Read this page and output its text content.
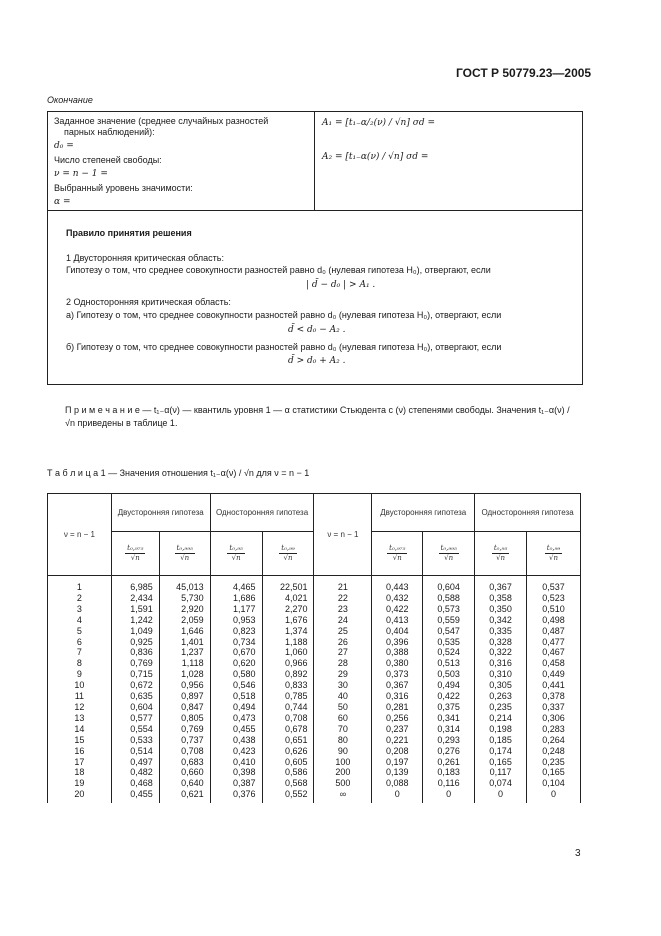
ГОСТ Р 50779.23—2005
Окончание
Заданное значение (среднее случайных разностей
парных наблюдений):
d₀ =
Число степеней свободы:
ν = n − 1 =
Выбранный уровень значимости:
α =
A₁ = [t₁₋α/₂(ν) / √n] σd =
A₂ = [t₁₋α(ν) / √n] σd =
Правило принятия решения
1 Двусторонняя критическая область:
Гипотезу о том, что среднее совокупности разностей равно d₀ (нулевая гипотеза H₀), отвергают, если
| d̄ − d₀ | > A₁ .
2 Односторонняя критическая область:
а) Гипотезу о том, что среднее совокупности разностей равно d₀ (нулевая гипотеза H₀), отвергают, если
d̄ < d₀ − A₂ .
б) Гипотезу о том, что среднее совокупности разностей равно d₀ (нулевая гипотеза H₀), отвергают, если
d̄ > d₀ + A₂ .
П р и м е ч а н и е — t₁₋α(ν) — квантиль уровня 1 — α статистики Стьюдента с (ν) степенями свободы. Значения t₁₋α(ν) / √n приведены в таблице 1.
Т а б л и ц а 1 — Значения отношения t₁₋α(ν) / √n для ν = n − 1
ν = n − 1	Двусторонняя гипотеза		Односторонняя гипотеза		ν = n − 1	Двусторонняя гипотеза		Односторонняя гипотеза	

	$\frac{\text{t₀,₉₇₅}}{√n}$	$\frac{\text{t₀,₉₉₅}}{√n}$	$\frac{\text{t₀,₉₅}}{√n}$	$\frac{\text{t₀,₉₉}}{√n}$		$\frac{\text{t₀,₉₇₅}}{√n}$	$\frac{\text{t₀,₉₉₅}}{√n}$	$\frac{\text{t₀,₉₅}}{√n}$	$\frac{\text{t₀,₉₉}}{√n}$

1	6,985	45,013	4,465	22,501	21	0,443	0,604	0,367	0,537
2	2,434	5,730	1,686	4,021	22	0,432	0,588	0,358	0,523
3	1,591	2,920	1,177	2,270	23	0,422	0,573	0,350	0,510
4	1,242	2,059	0,953	1,676	24	0,413	0,559	0,342	0,498
5	1,049	1,646	0,823	1,374	25	0,404	0,547	0,335	0,487
6	0,925	1,401	0,734	1,188	26	0,396	0,535	0,328	0,477
7	0,836	1,237	0,670	1,060	27	0,388	0,524	0,322	0,467
8	0,769	1,118	0,620	0,966	28	0,380	0,513	0,316	0,458
9	0,715	1,028	0,580	0,892	29	0,373	0,503	0,310	0,449
10	0,672	0,956	0,546	0,833	30	0,367	0,494	0,305	0,441
11	0,635	0,897	0,518	0,785	40	0,316	0,422	0,263	0,378
12	0,604	0,847	0,494	0,744	50	0,281	0,375	0,235	0,337
13	0,577	0,805	0,473	0,708	60	0,256	0,341	0,214	0,306
14	0,554	0,769	0,455	0,678	70	0,237	0,314	0,198	0,283
15	0,533	0,737	0,438	0,651	80	0,221	0,293	0,185	0,264
16	0,514	0,708	0,423	0,626	90	0,208	0,276	0,174	0,248
17	0,497	0,683	0,410	0,605	100	0,197	0,261	0,165	0,235
18	0,482	0,660	0,398	0,586	200	0,139	0,183	0,117	0,165
19	0,468	0,640	0,387	0,568	500	0,088	0,116	0,074	0,104
20	0,455	0,621	0,376	0,552	∞	0	0	0	0
3
